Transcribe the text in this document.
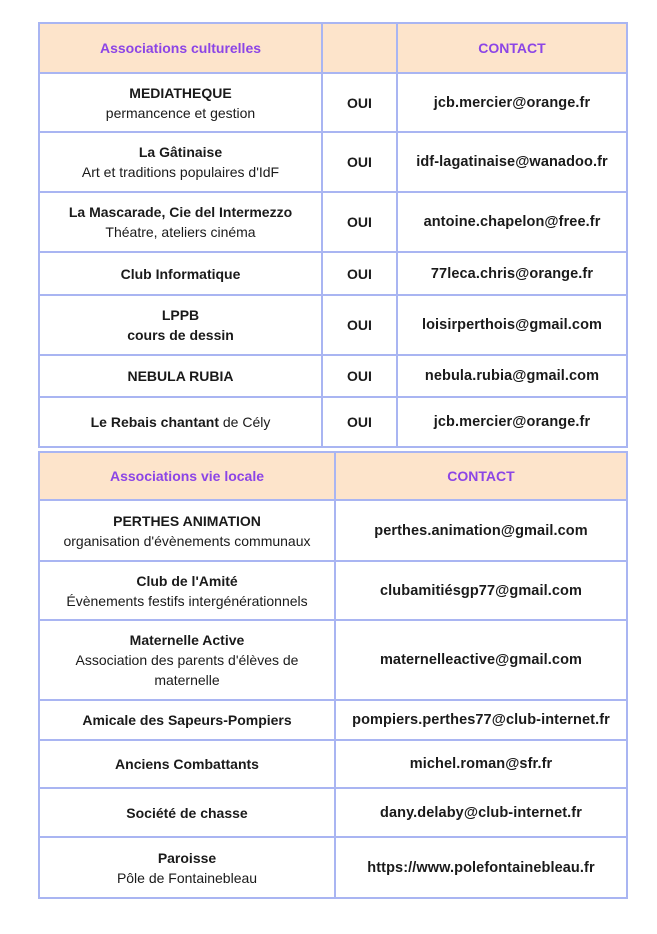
Associations culturelles		CONTACT

MEDIATHEQUE
permancence et gestion	OUI	jcb.mercier@orange.fr

La Gâtinaise
Art et traditions populaires d'IdF	OUI	idf-lagatinaise@wanadoo.fr

La Mascarade, Cie del Intermezzo
Théatre, ateliers cinéma	OUI	antoine.chapelon@free.fr

Club Informatique	OUI	77leca.chris@orange.fr

LPPB
cours de dessin	OUI	loisirperthois@gmail.com

NEBULA RUBIA	OUI	nebula.rubia@gmail.com
Le Rebais chantant de Cély	OUI	jcb.mercier@orange.fr
Associations vie locale	CONTACT

PERTHES ANIMATION
organisation d'évènements communaux	perthes.animation@gmail.com

Club de l'Amité
Évènements festifs intergénérationnels	clubamitiésgp77@gmail.com

Maternelle Active
Association des parents d'élèves de maternelle	maternelleactive@gmail.com

Amicale des Sapeurs-Pompiers	pompiers.perthes77@club-internet.fr

Anciens Combattants	michel.roman@sfr.fr

Société de chasse	dany.delaby@club-internet.fr

Paroisse
Pôle de Fontainebleau	https://www.polefontainebleau.fr
